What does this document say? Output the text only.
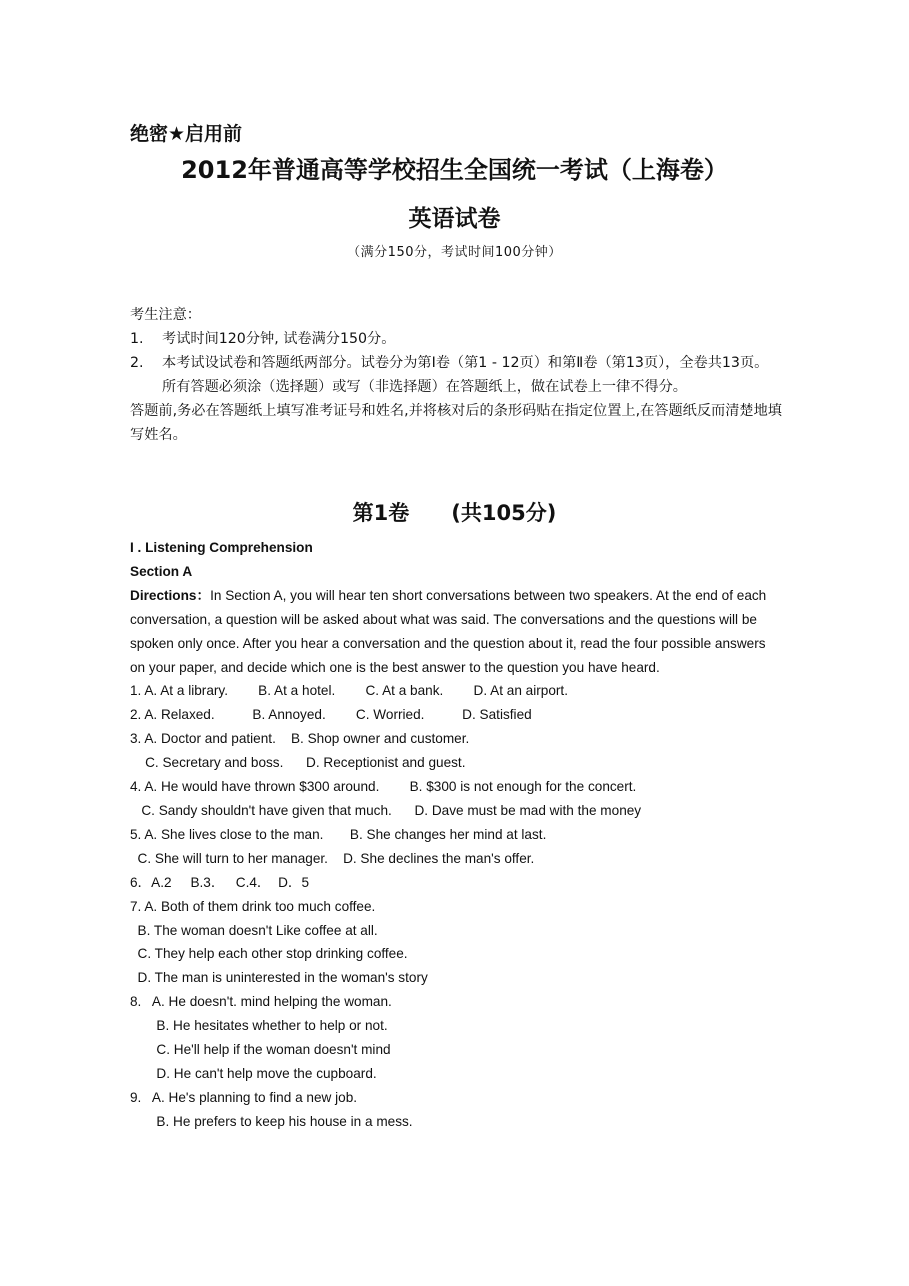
绝密★启用前
2012年普通高等学校招生全国统一考试（上海卷）
英语试卷
（满分150分，考试时间100分钟）
考生注意：
1.	考试时间120分钟, 试卷满分150分。
2.	本考试设试卷和答题纸两部分。试卷分为第Ⅰ卷（第1 - 12页）和第Ⅱ卷（第13页），全卷共13页。所有答题必须涂（选择题）或写（非选择题）在答题纸上，做在试卷上一律不得分。
答题前,务必在答题纸上填写准考证号和姓名,并将核对后的条形码贴在指定位置上,在答题纸反而清楚地填写姓名。
第1卷　　(共105分)
I . Listening Comprehension
Section A
Directions：In Section A, you will hear ten short conversations between two speakers. At the end of each conversation, a question will be asked about what was said. The conversations and the questions will be spoken only once. After you hear a conversation and the question about it, read the four possible answers on your paper, and decide which one is the best answer to the question you have heard.
1. A. At a library.        B. At a hotel.        C. At a bank.        D. At an airport.
2. A. Relaxed.          B. Annoyed.        C. Worried.          D. Satisfied
3. A. Doctor and patient.    B. Shop owner and customer.
C. Secretary and boss.      D. Receptionist and guest.
4. A. He would have thrown $300 around.        B. $300 is not enough for the concert.
C. Sandy shouldn't have given that much.      D. Dave must be mad with the money
5. A. She lives close to the man.       B. She changes her mind at last.
C. She will turn to her manager.    D. She declines the man's offer.
6．A.2     B.3．   C.4．  D．5
7. A. Both of them drink too much coffee.
B. The woman doesn't Like coffee at all.
C. They help each other stop drinking coffee.
D. The man is uninterested in the woman's story
8.   A. He doesn't. mind helping the woman.
B. He hesitates whether to help or not.
C. He'll help if the woman doesn't mind
D. He can't help move the cupboard.
9.   A. He's planning to find a new job.
B. He prefers to keep his house in a mess.
